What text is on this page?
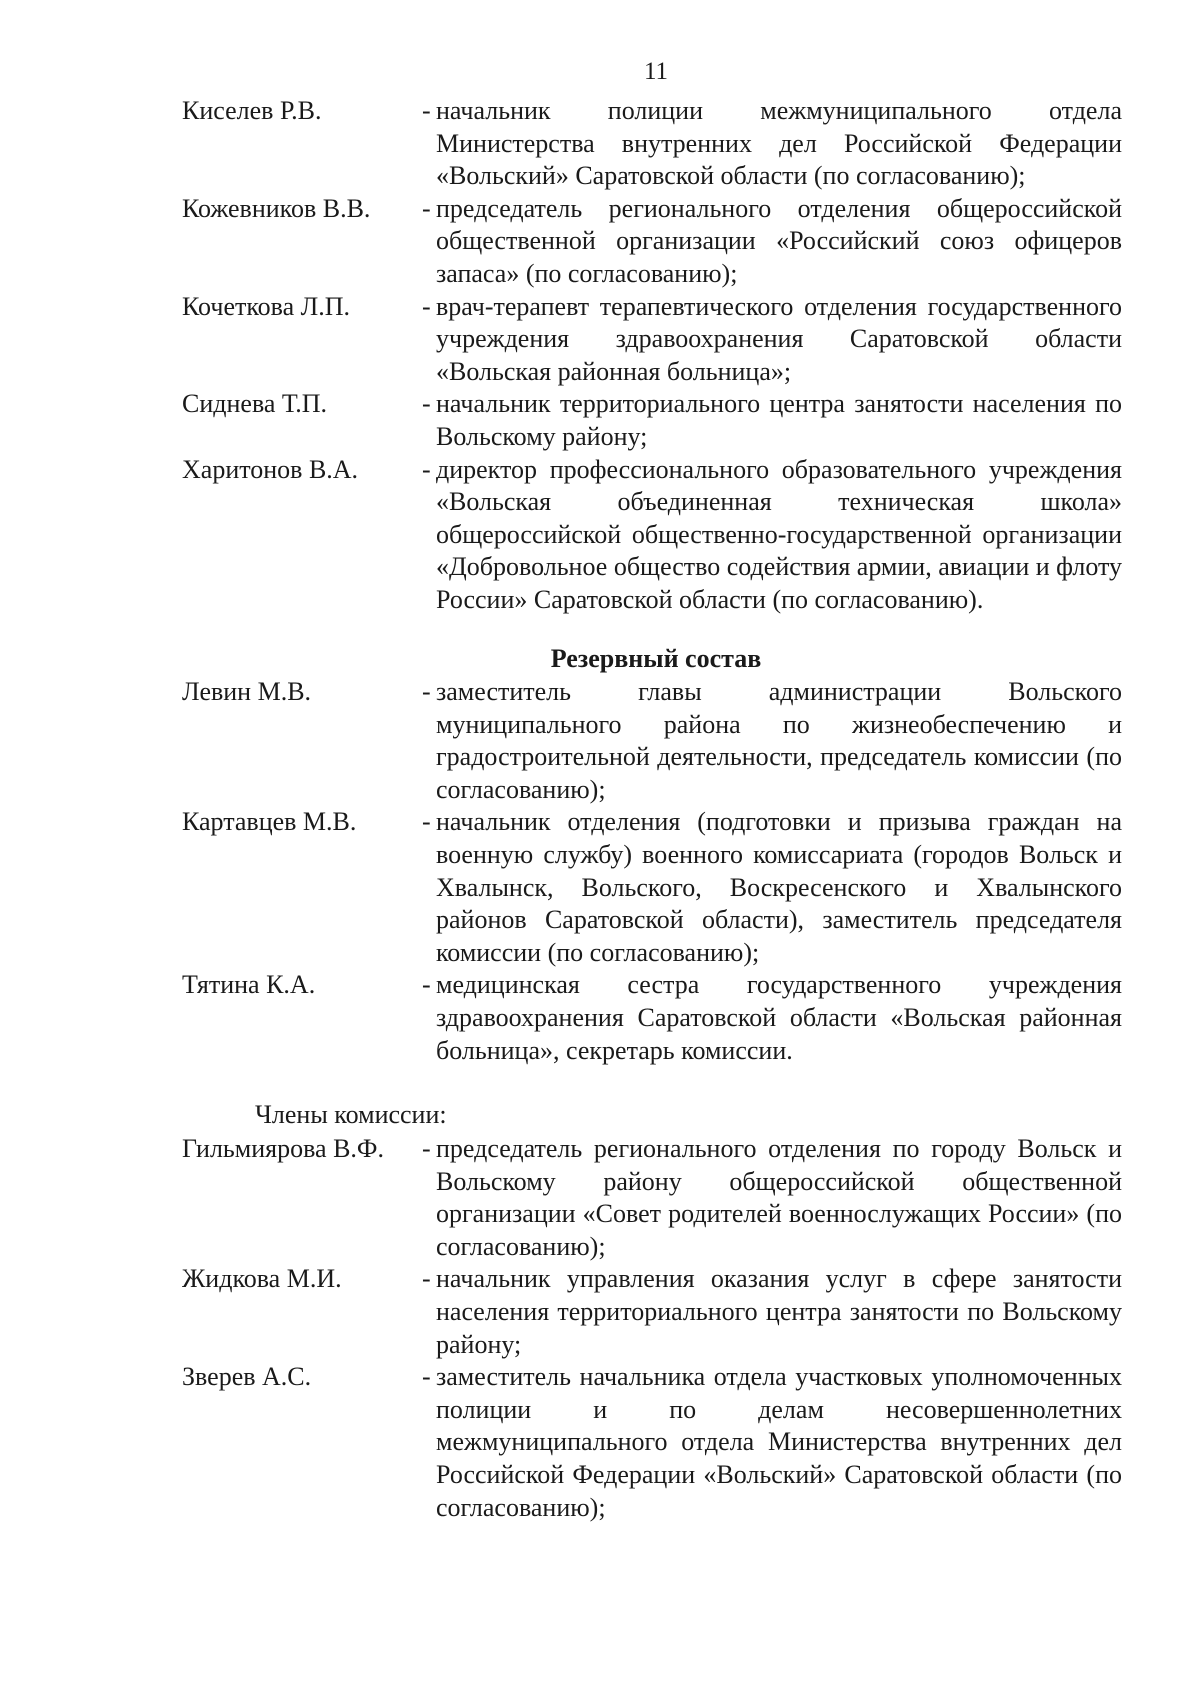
11
Киселев Р.В.	- начальник полиции межмуниципального отдела Министерства внутренних дел Российской Федерации «Вольский» Саратовской области (по согласованию);
Кожевников В.В.	- председатель регионального отделения общероссийской общественной организации «Российский союз офицеров запаса» (по согласованию);
Кочеткова Л.П.	- врач-терапевт терапевтического отделения государственного учреждения здравоохранения Саратовской области «Вольская районная больница»;
Сиднева Т.П.	- начальник территориального центра занятости населения по Вольскому району;
Харитонов В.А.	- директор профессионального образовательного учреждения «Вольская объединенная техническая школа» общероссийской общественно-государственной организации «Добровольное общество содействия армии, авиации и флоту России» Саратовской области (по согласованию).
Резервный состав
Левин М.В.	- заместитель главы администрации Вольского муниципального района по жизнеобеспечению и градостроительной деятельности, председатель комиссии (по согласованию);
Картавцев М.В.	- начальник отделения (подготовки и призыва граждан на военную службу) военного комиссариата (городов Вольск и Хвалынск, Вольского, Воскресенского и Хвалынского районов Саратовской области), заместитель председателя комиссии (по согласованию);
Тятина К.А.	- медицинская сестра государственного учреждения здравоохранения Саратовской области «Вольская районная больница», секретарь комиссии.
Члены комиссии:
Гильмиярова В.Ф.	- председатель регионального отделения по городу Вольск и Вольскому району общероссийской общественной организации «Совет родителей военнослужащих России» (по согласованию);
Жидкова М.И.	- начальник управления оказания услуг в сфере занятости населения территориального центра занятости по Вольскому району;
Зверев А.С.	- заместитель начальника отдела участковых уполномоченных полиции и по делам несовершеннолетних межмуниципального отдела Министерства внутренних дел Российской Федерации «Вольский» Саратовской области (по согласованию);
